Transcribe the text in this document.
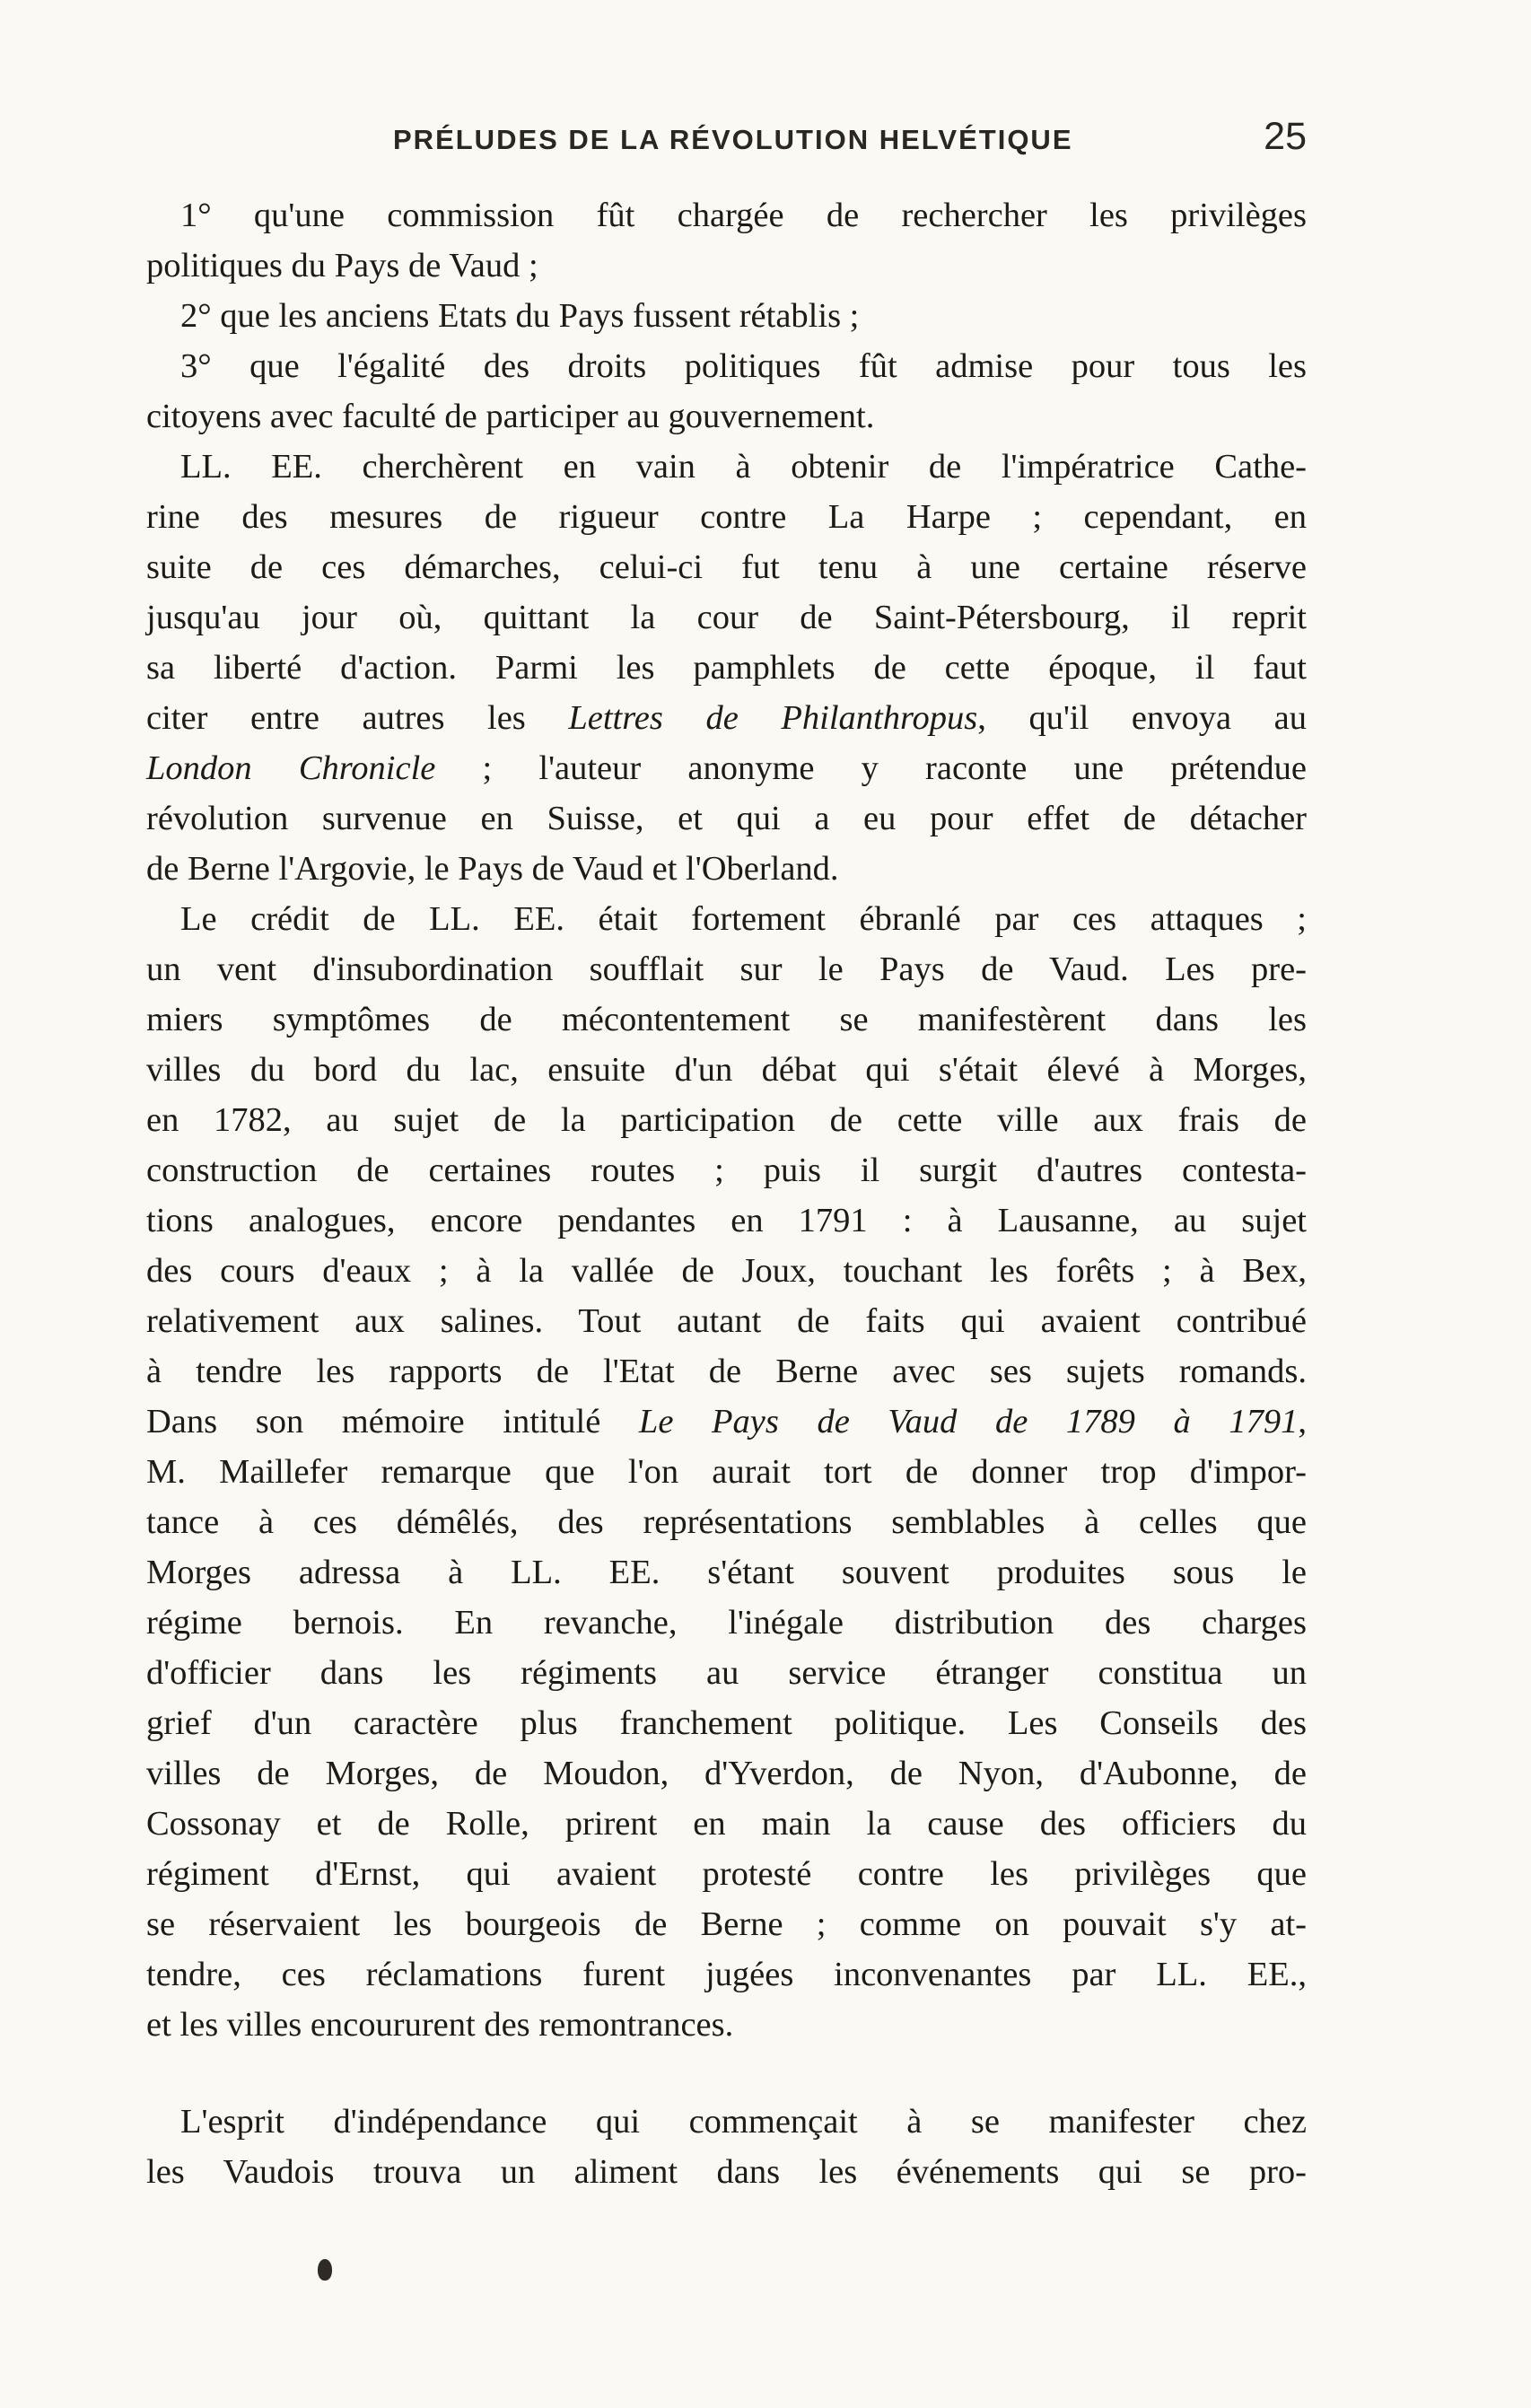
PRÉLUDES DE LA RÉVOLUTION HELVÉTIQUE	25
1° qu'une commission fût chargée de rechercher les privilèges
politiques du Pays de Vaud ;
2° que les anciens Etats du Pays fussent rétablis ;
3° que l'égalité des droits politiques fût admise pour tous les
citoyens avec faculté de participer au gouvernement.
LL. EE. cherchèrent en vain à obtenir de l'impératrice Cathe-
rine des mesures de rigueur contre La Harpe ; cependant, en
suite de ces démarches, celui-ci fut tenu à une certaine réserve
jusqu'au jour où, quittant la cour de Saint-Pétersbourg, il reprit
sa liberté d'action. Parmi les pamphlets de cette époque, il faut
citer entre autres les Lettres de Philanthropus, qu'il envoya au
London Chronicle ; l'auteur anonyme y raconte une prétendue
révolution survenue en Suisse, et qui a eu pour effet de détacher
de Berne l'Argovie, le Pays de Vaud et l'Oberland.
Le crédit de LL. EE. était fortement ébranlé par ces attaques ;
un vent d'insubordination soufflait sur le Pays de Vaud. Les pre-
miers symptômes de mécontentement se manifestèrent dans les
villes du bord du lac, ensuite d'un débat qui s'était élevé à Morges,
en 1782, au sujet de la participation de cette ville aux frais de
construction de certaines routes ; puis il surgit d'autres contesta-
tions analogues, encore pendantes en 1791 : à Lausanne, au sujet
des cours d'eaux ; à la vallée de Joux, touchant les forêts ; à Bex,
relativement aux salines. Tout autant de faits qui avaient contribué
à tendre les rapports de l'Etat de Berne avec ses sujets romands.
Dans son mémoire intitulé Le Pays de Vaud de 1789 à 1791,
M. Maillefer remarque que l'on aurait tort de donner trop d'impor-
tance à ces démêlés, des représentations semblables à celles que
Morges adressa à LL. EE. s'étant souvent produites sous le
régime bernois. En revanche, l'inégale distribution des charges
d'officier dans les régiments au service étranger constitua un
grief d'un caractère plus franchement politique. Les Conseils des
villes de Morges, de Moudon, d'Yverdon, de Nyon, d'Aubonne, de
Cossonay et de Rolle, prirent en main la cause des officiers du
régiment d'Ernst, qui avaient protesté contre les privilèges que
se réservaient les bourgeois de Berne ; comme on pouvait s'y at-
tendre, ces réclamations furent jugées inconvenantes par LL. EE.,
et les villes encoururent des remontrances.
L'esprit d'indépendance qui commençait à se manifester chez
les Vaudois trouva un aliment dans les événements qui se pro-
